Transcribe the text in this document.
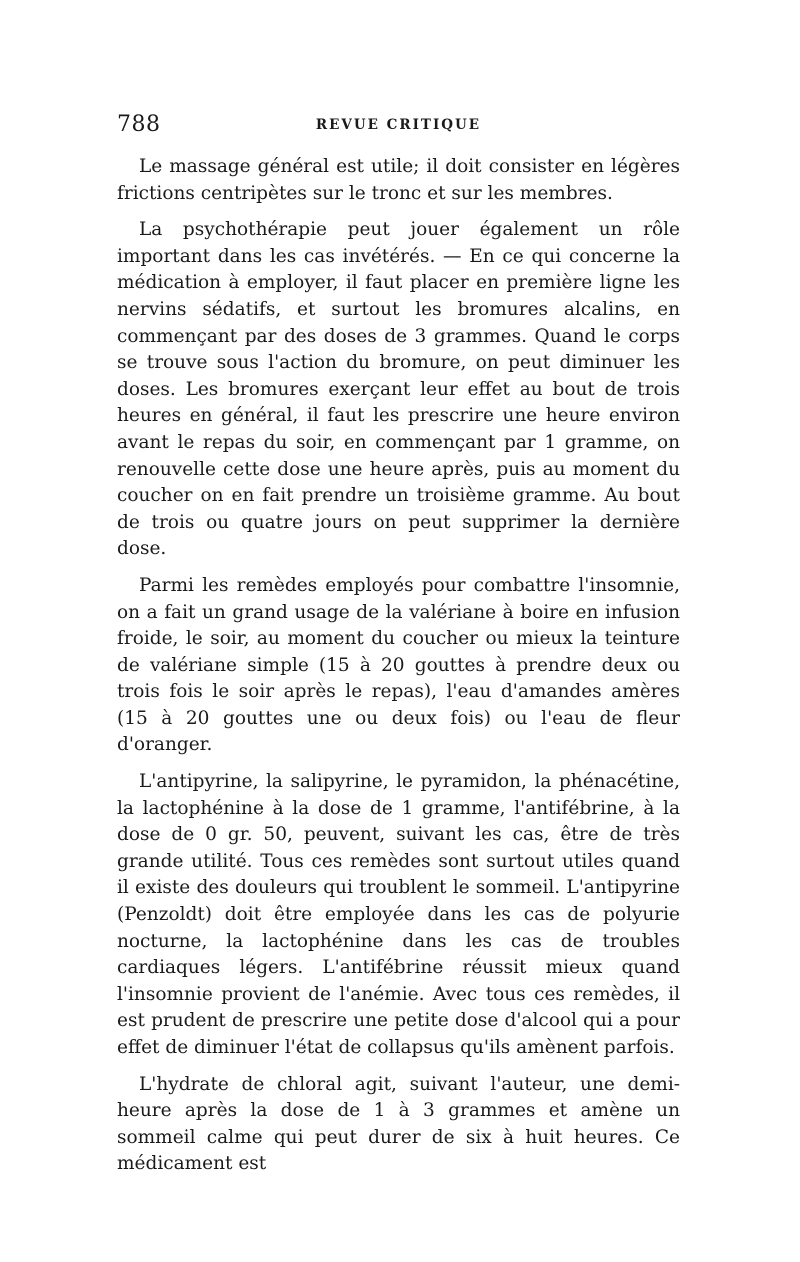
788	REVUE CRITIQUE

Le massage général est utile; il doit consister en légères frictions centripètes sur le tronc et sur les membres.

La psychothérapie peut jouer également un rôle important dans les cas invétérés. — En ce qui concerne la médication à employer, il faut placer en première ligne les nervins sédatifs, et surtout les bromures alcalins, en commençant par des doses de 3 grammes. Quand le corps se trouve sous l'action du bromure, on peut diminuer les doses. Les bromures exerçant leur effet au bout de trois heures en général, il faut les prescrire une heure environ avant le repas du soir, en commençant par 1 gramme, on renouvelle cette dose une heure après, puis au moment du coucher on en fait prendre un troisième gramme. Au bout de trois ou quatre jours on peut supprimer la dernière dose.

Parmi les remèdes employés pour combattre l'insomnie, on a fait un grand usage de la valériane à boire en infusion froide, le soir, au moment du coucher ou mieux la teinture de valériane simple (15 à 20 gouttes à prendre deux ou trois fois le soir après le repas), l'eau d'amandes amères (15 à 20 gouttes une ou deux fois) ou l'eau de fleur d'oranger.

L'antipyrine, la salipyrine, le pyramidon, la phénacétine, la lactophénine à la dose de 1 gramme, l'antifébrine, à la dose de 0 gr. 50, peuvent, suivant les cas, être de très grande utilité. Tous ces remèdes sont surtout utiles quand il existe des douleurs qui troublent le sommeil. L'antipyrine (Penzoldt) doit être employée dans les cas de polyurie nocturne, la lactophénine dans les cas de troubles cardiaques légers. L'antifébrine réussit mieux quand l'insomnie provient de l'anémie. Avec tous ces remèdes, il est prudent de prescrire une petite dose d'alcool qui a pour effet de diminuer l'état de collapsus qu'ils amènent parfois.

L'hydrate de chloral agit, suivant l'auteur, une demi-heure après la dose de 1 à 3 grammes et amène un sommeil calme qui peut durer de six à huit heures. Ce médicament est
